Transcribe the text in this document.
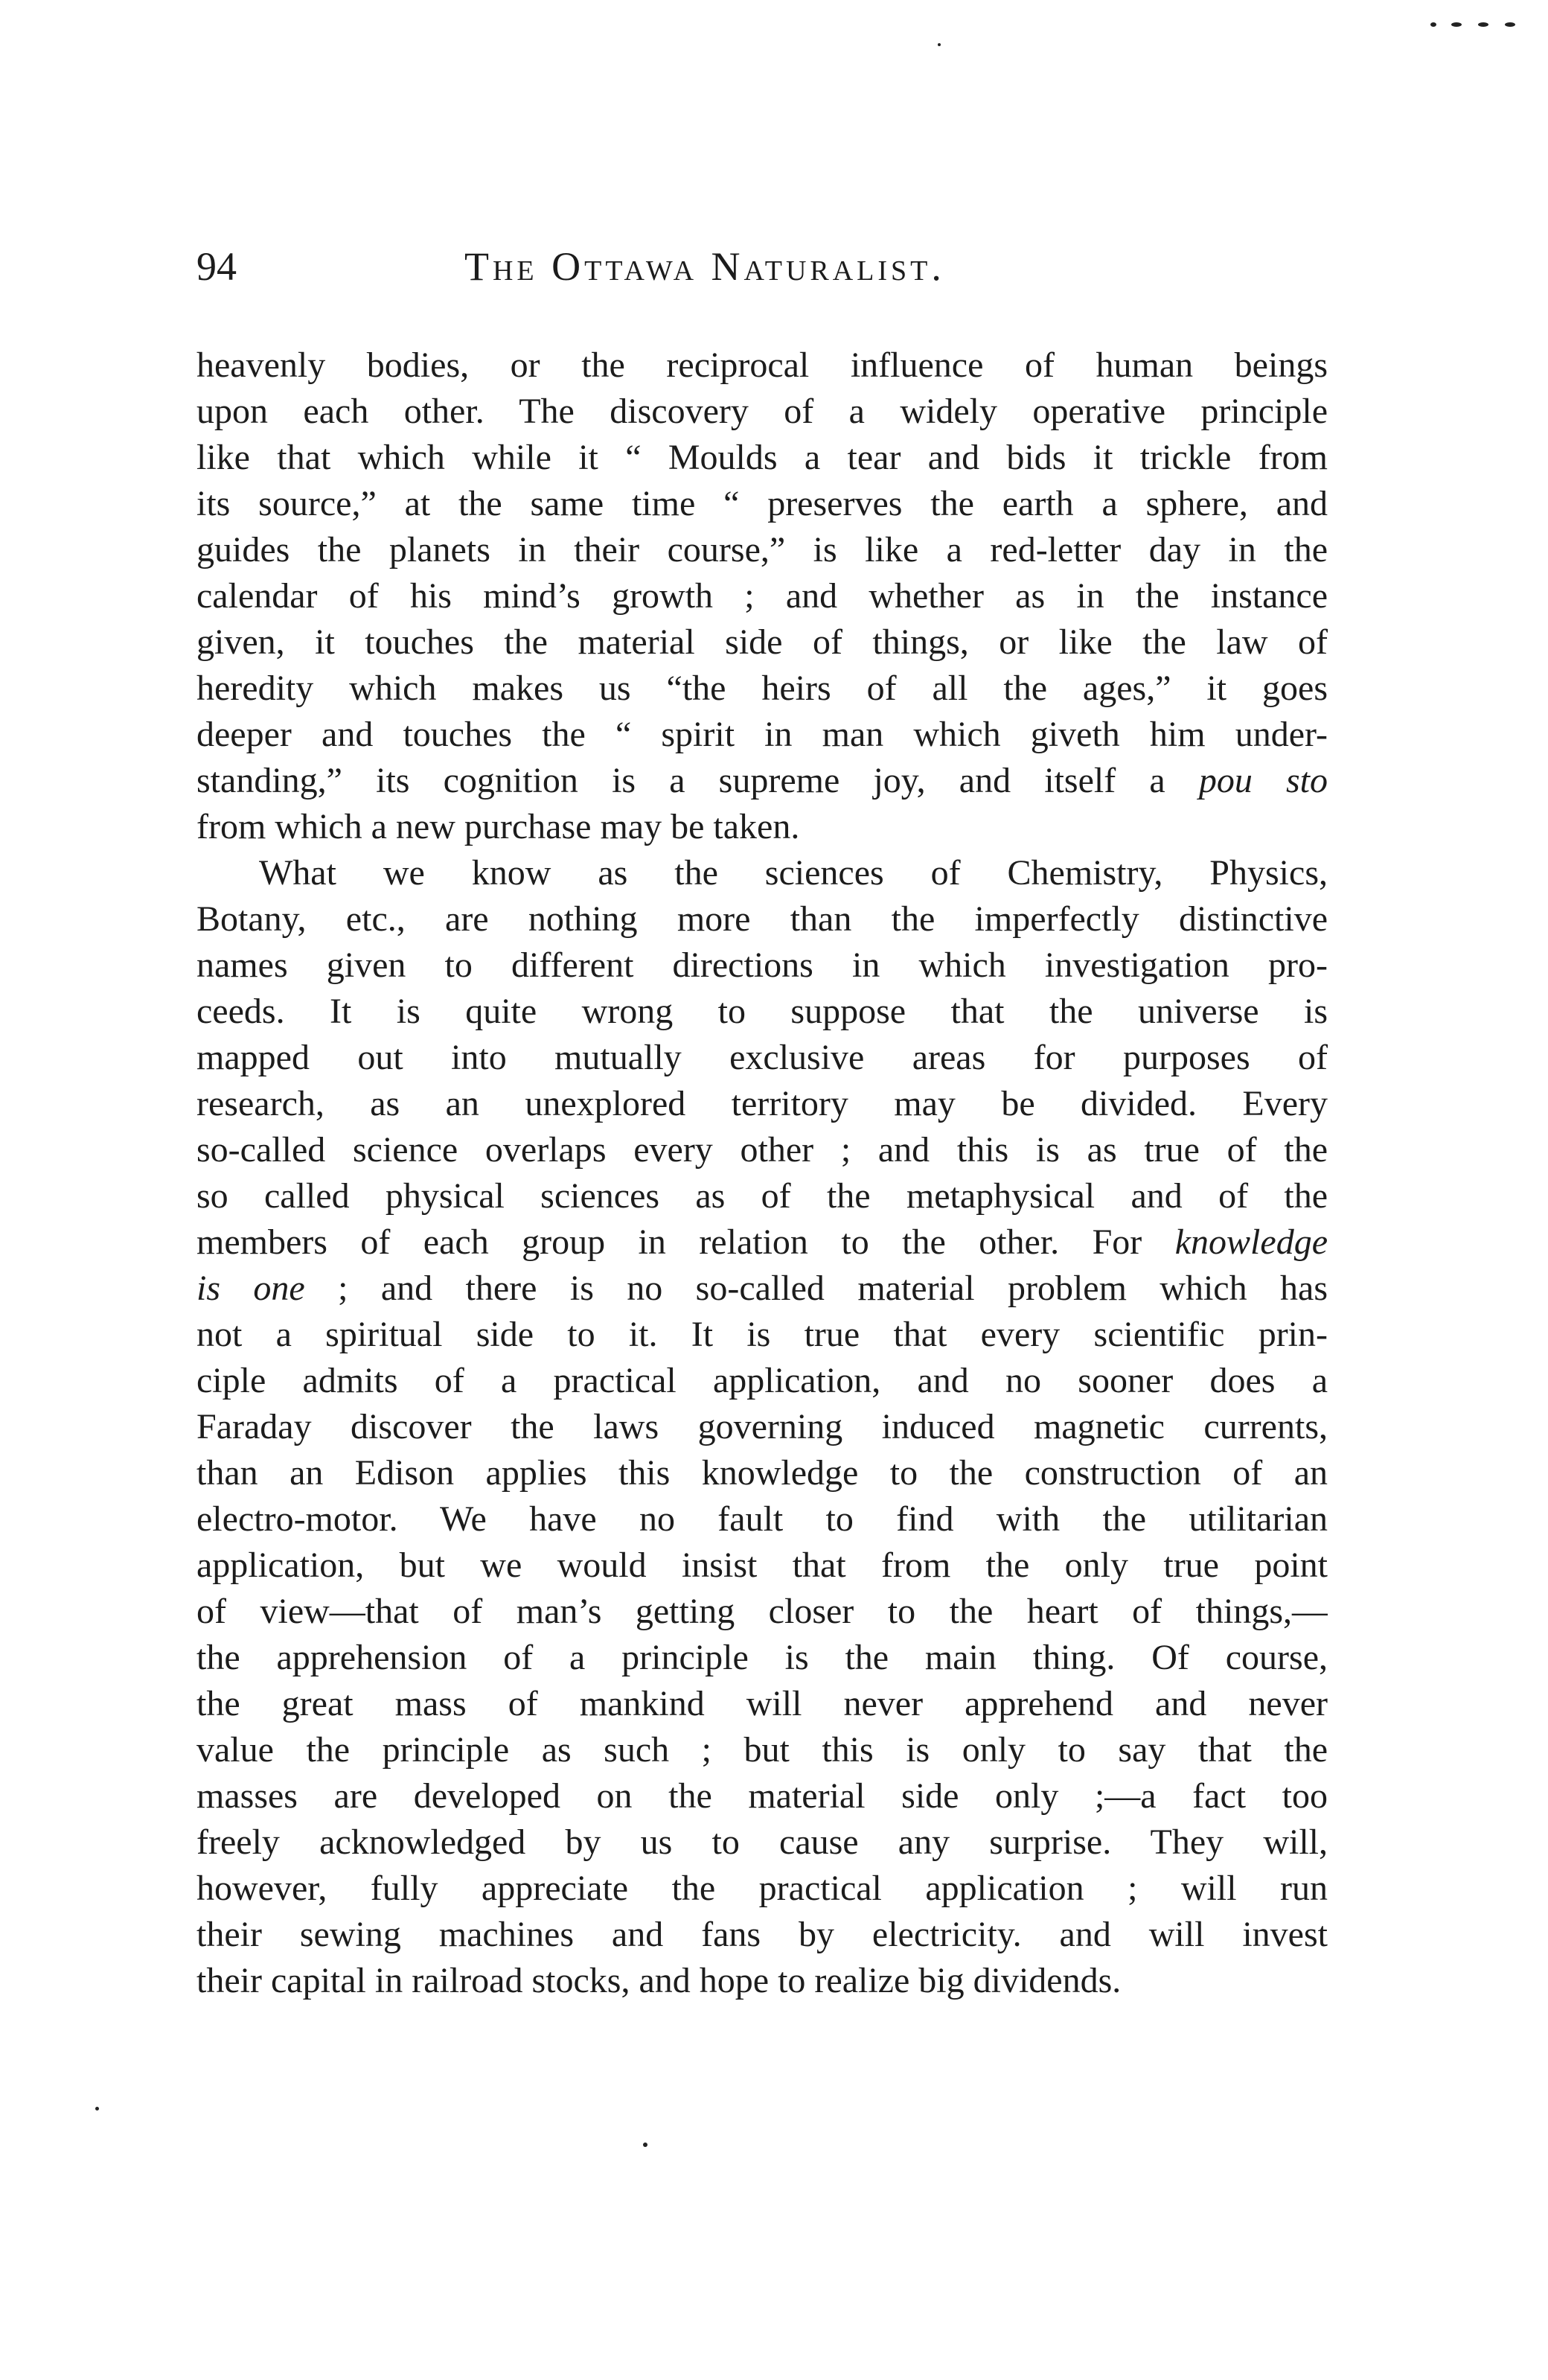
94	The Ottawa Naturalist.
heavenly bodies, or the reciprocal influence of human beings
upon each other. The discovery of a widely operative principle
like that which while it “ Moulds a tear and bids it trickle from
its source,” at the same time “ preserves the earth a sphere, and
guides the planets in their course,” is like a red-letter day in the
calendar of his mind’s growth ; and whether as in the instance
given, it touches the material side of things, or like the law of
heredity which makes us “the heirs of all the ages,” it goes
deeper and touches the “ spirit in man which giveth him under-
standing,” its cognition is a supreme joy, and itself a pou sto
from which a new purchase may be taken.
What we know as the sciences of Chemistry, Physics,
Botany, etc., are nothing more than the imperfectly distinctive
names given to different directions in which investigation pro-
ceeds. It is quite wrong to suppose that the universe is
mapped out into mutually exclusive areas for purposes of
research, as an unexplored territory may be divided. Every
so-called science overlaps every other ; and this is as true of the
so called physical sciences as of the metaphysical and of the
members of each group in relation to the other. For knowledge
is one ; and there is no so-called material problem which has
not a spiritual side to it. It is true that every scientific prin-
ciple admits of a practical application, and no sooner does a
Faraday discover the laws governing induced magnetic currents,
than an Edison applies this knowledge to the construction of an
electro-motor. We have no fault to find with the utilitarian
application, but we would insist that from the only true point
of view—that of man’s getting closer to the heart of things,—
the apprehension of a principle is the main thing. Of course,
the great mass of mankind will never apprehend and never
value the principle as such ; but this is only to say that the
masses are developed on the material side only ;—a fact too
freely acknowledged by us to cause any surprise. They will,
however, fully appreciate the practical application ; will run
their sewing machines and fans by electricity. and will invest
their capital in railroad stocks, and hope to realize big dividends.
